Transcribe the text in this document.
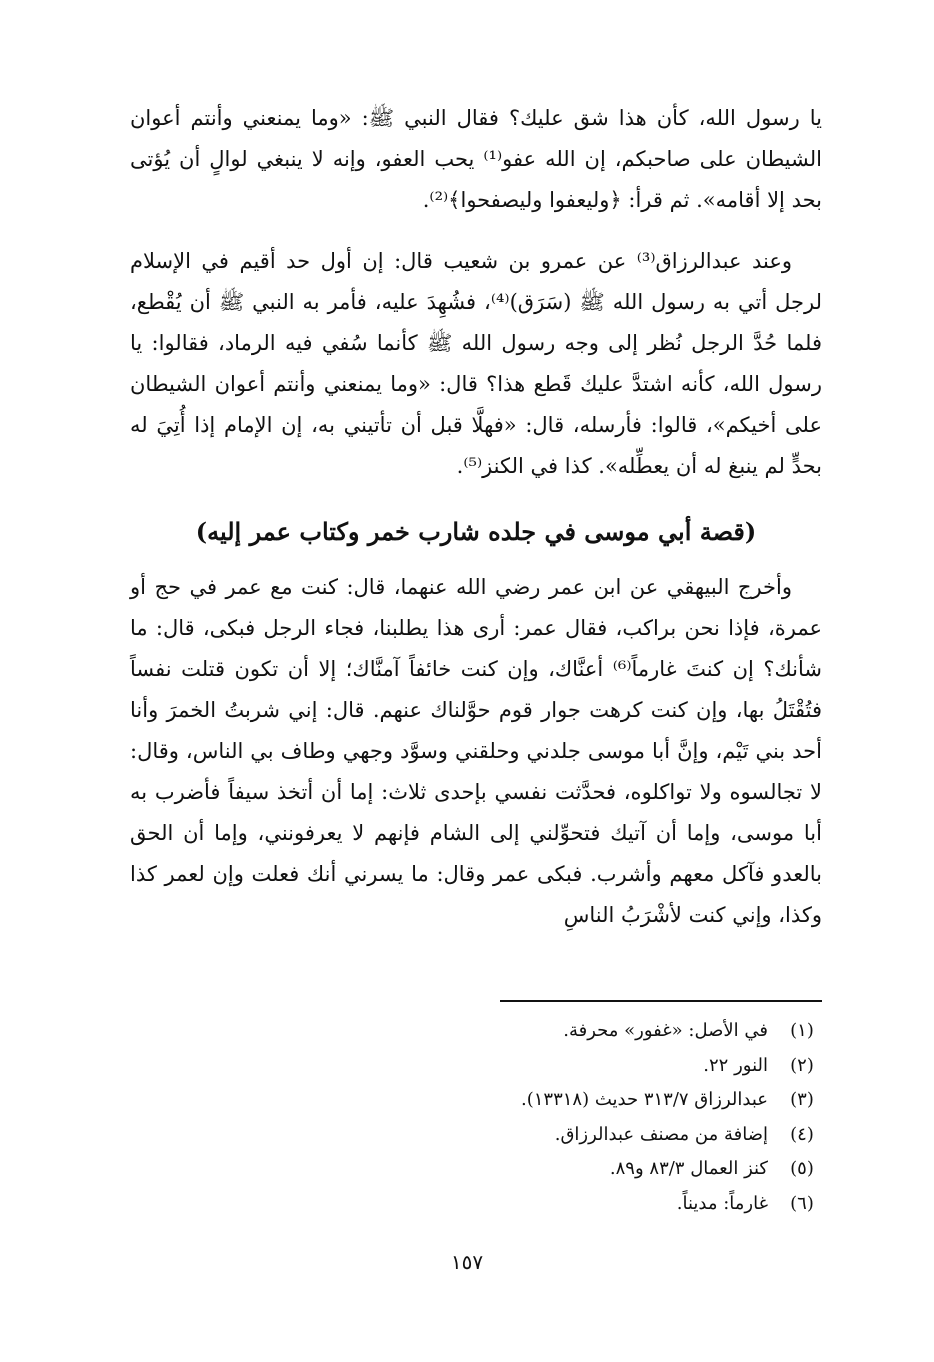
يا رسول الله، كأن هذا شق عليك؟ فقال النبي ﷺ: «وما يمنعني وأنتم أعوان الشيطان على صاحبكم، إن الله عفو⁽¹⁾ يحب العفو، وإنه لا ينبغي لوالٍ أن يُؤتى بحد إلا أقامه». ثم قرأ: ﴿وليعفوا وليصفحوا﴾⁽²⁾.

وعند عبدالرزاق⁽³⁾ عن عمرو بن شعيب قال: إن أول حد أقيم في الإسلام لرجل أتي به رسول الله ﷺ (سَرَق)⁽⁴⁾، فشُهِدَ عليه، فأمر به النبي ﷺ أن يُقْطع، فلما حُدَّ الرجل نُظر إلى وجه رسول الله ﷺ كأنما سُفي فيه الرماد، فقالوا: يا رسول الله، كأنه اشتدَّ عليك قَطع هذا؟ قال: «وما يمنعني وأنتم أعوان الشيطان على أخيكم»، قالوا: فأرسله، قال: «فهلَّا قبل أن تأتيني به، إن الإمام إذا أُتِيَ له بحدٍّ لم ينبغ له أن يعطِّله». كذا في الكنز⁽⁵⁾.

(قصة أبي موسى في جلده شارب خمر وكتاب عمر إليه)

وأخرج البيهقي عن ابن عمر رضي الله عنهما، قال: كنت مع عمر في حج أو عمرة، فإذا نحن براكب، فقال عمر: أرى هذا يطلبنا، فجاء الرجل فبكى، قال: ما شأنك؟ إن كنتَ غارماً⁽⁶⁾ أعنَّاك، وإن كنت خائفاً آمنَّاك؛ إلا أن تكون قتلت نفساً فتُقْتَلُ بها، وإن كنت كرهت جوار قوم حوَّلناك عنهم. قال: إني شربتُ الخمرَ وأنا أحد بني تَيْم، وإنَّ أبا موسى جلدني وحلقني وسوَّد وجهي وطاف بي الناس، وقال: لا تجالسوه ولا تواكلوه، فحدَّثت نفسي بإحدى ثلاث: إما أن أتخذ سيفاً فأضرب به أبا موسى، وإما أن آتيك فتحوِّلني إلى الشام فإنهم لا يعرفونني، وإما أن الحق بالعدو فآكل معهم وأشرب. فبكى عمر وقال: ما يسرني أنك فعلت وإن لعمر كذا وكذا، وإني كنت لأشْرَبُ الناسِ

(١)
في الأصل: «غفور» محرفة.
(٢)
النور ٢٢.
(٣)
عبدالرزاق ٣١٣/٧ حديث (١٣٣١٨).
(٤)
إضافة من مصنف عبدالرزاق.
(٥)
كنز العمال ٨٣/٣ و٨٩.
(٦)
غارماً: مديناً.
١٥٧
